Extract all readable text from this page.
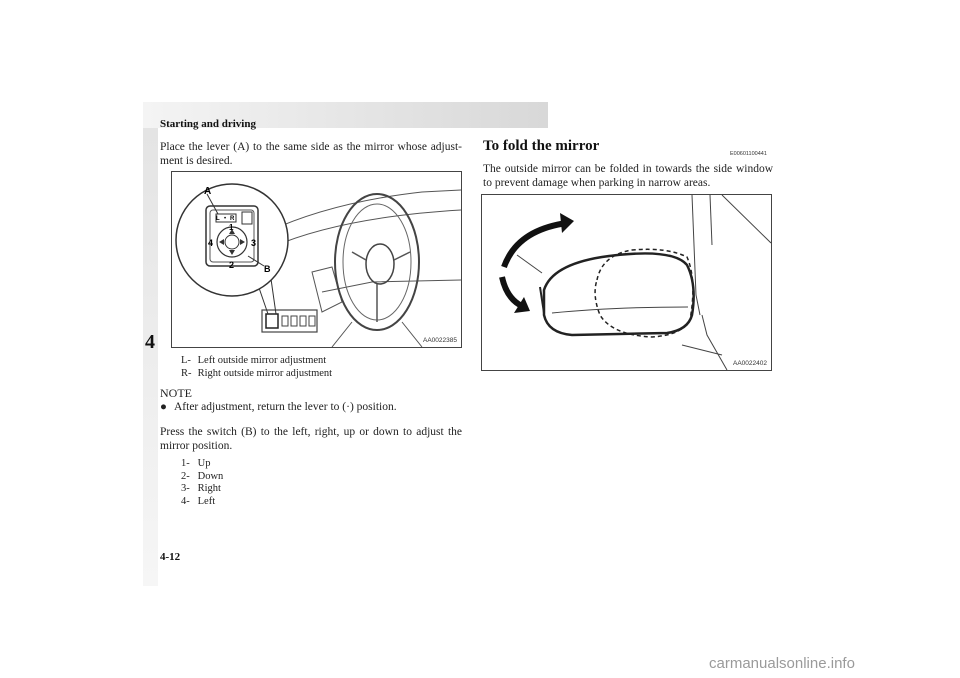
Starting and driving
4
4-12
Place the lever (A) to the same side as the mirror whose adjust-ment is desired.
A
L • R
1
2
3
4
B
AA0022385
L- Left outside mirror adjustment
R- Right outside mirror adjustment
NOTE
● After adjustment, return the lever to (·) position.
Press the switch (B) to the left, right, up or down to adjust the mirror position.
1- Up
2- Down
3- Right
4- Left
To fold the mirror	E00601100441
The outside mirror can be folded in towards the side window to prevent damage when parking in narrow areas.
AA0022402
carmanualsonline.info
